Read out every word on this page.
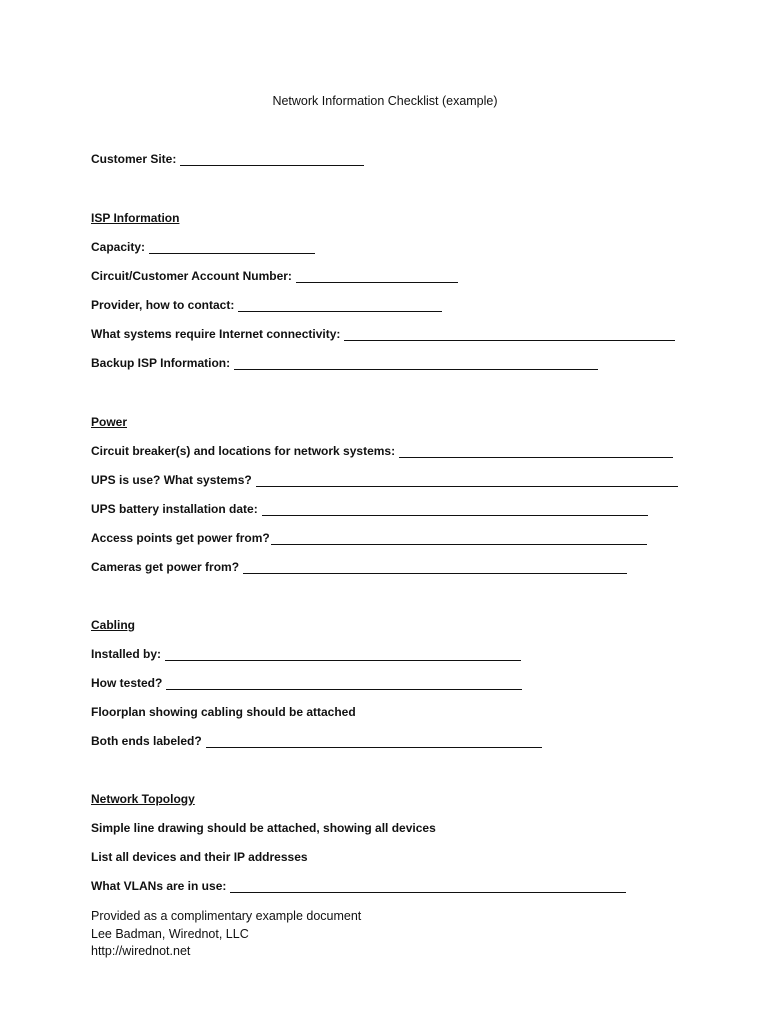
Network Information Checklist (example)
Customer Site:
ISP Information
Capacity:
Circuit/Customer Account Number:
Provider, how to contact:
What systems require Internet connectivity:
Backup ISP Information:
Power
Circuit breaker(s) and locations for network systems:
UPS is use? What systems?
UPS battery installation date:
Access points get power from?
Cameras get power from?
Cabling
Installed by:
How tested?
Floorplan showing cabling should be attached
Both ends labeled?
Network Topology
Simple line drawing should be attached, showing all devices
List all devices and their IP addresses
What VLANs are in use:
Provided as a complimentary example document
Lee Badman, Wirednot, LLC
http://wirednot.net
